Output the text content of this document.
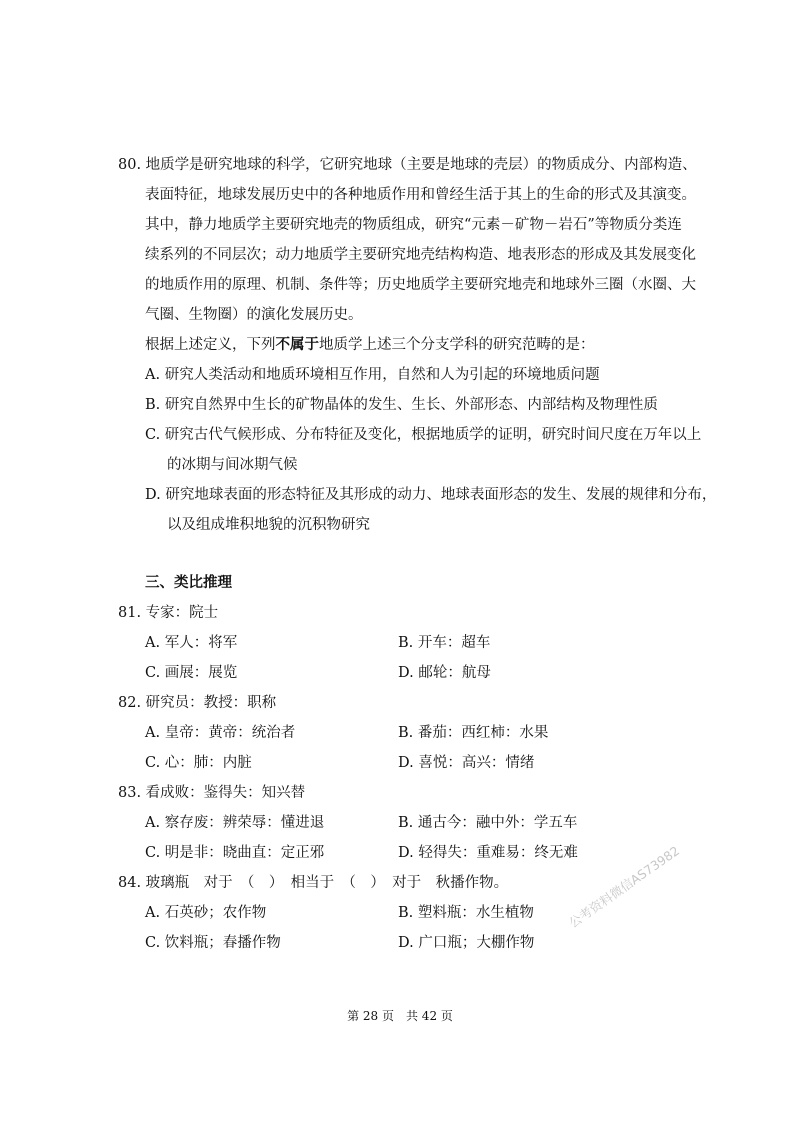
80. 地质学是研究地球的科学，它研究地球（主要是地球的壳层）的物质成分、内部构造、
表面特征，地球发展历史中的各种地质作用和曾经生活于其上的生命的形式及其演变。
其中，静力地质学主要研究地壳的物质组成，研究“元素－矿物－岩石”等物质分类连
续系列的不同层次；动力地质学主要研究地壳结构构造、地表形态的形成及其发展变化
的地质作用的原理、机制、条件等；历史地质学主要研究地壳和地球外三圈（水圈、大
气圈、生物圈）的演化发展历史。
根据上述定义，下列不属于地质学上述三个分支学科的研究范畴的是：
A. 研究人类活动和地质环境相互作用，自然和人为引起的环境地质问题
B. 研究自然界中生长的矿物晶体的发生、生长、外部形态、内部结构及物理性质
C. 研究古代气候形成、分布特征及变化，根据地质学的证明，研究时间尺度在万年以上
的冰期与间冰期气候
D. 研究地球表面的形态特征及其形成的动力、地球表面形态的发生、发展的规律和分布，
以及组成堆积地貌的沉积物研究
三、类比推理
81. 专家：院士
A. 军人：将军	B. 开车：超车
C. 画展：展览	D. 邮轮：航母
82. 研究员：教授：职称
A. 皇帝：黄帝：统治者	B. 番茄：西红柿：水果
C. 心：肺：内脏	D. 喜悦：高兴：情绪
83. 看成败：鉴得失：知兴替
A. 察存废：辨荣辱：懂进退	B. 通古今：融中外：学五车
C. 明是非：晓曲直：定正邪	D. 轻得失：重难易：终无难
84. 玻璃瓶　对于　（　）　相当于　（　）　对于　秋播作物。
A. 石英砂；农作物	B. 塑料瓶：水生植物
C. 饮料瓶；春播作物	D. 广口瓶；大棚作物
公考资料微信AS73982
第 28 页　共 42 页
